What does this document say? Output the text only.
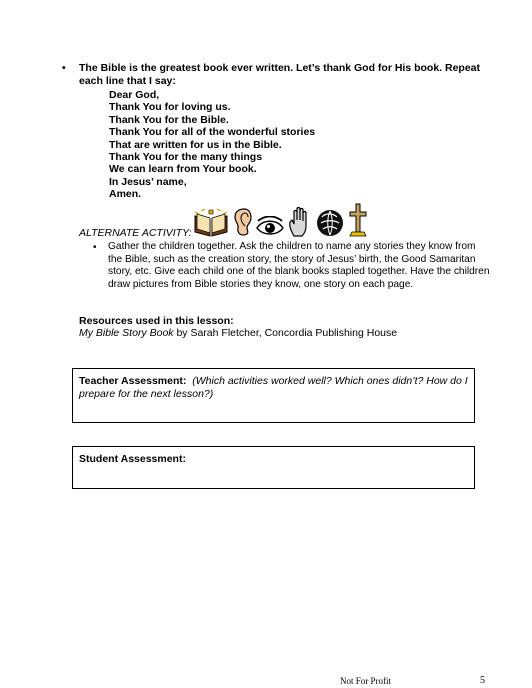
• The Bible is the greatest book ever written. Let’s thank God for His book. Repeat each line that I say:
Dear God,
Thank You for loving us.
Thank You for the Bible.
Thank You for all of the wonderful stories
That are written for us in the Bible.
Thank You for the many things
We can learn from Your book.
In Jesus’ name,
Amen.
ALTERNATE ACTIVITY:
• Gather the children together. Ask the children to name any stories they know from the Bible, such as the creation story, the story of Jesus’ birth, the Good Samaritan story, etc. Give each child one of the blank books stapled together. Have the children draw pictures from Bible stories they know, one story on each page.
Resources used in this lesson:
My Bible Story Book by Sarah Fletcher, Concordia Publishing House
Teacher Assessment: (Which activities worked well? Which ones didn’t? How do I prepare for the next lesson?)
Student Assessment:
Not For Profit	5
